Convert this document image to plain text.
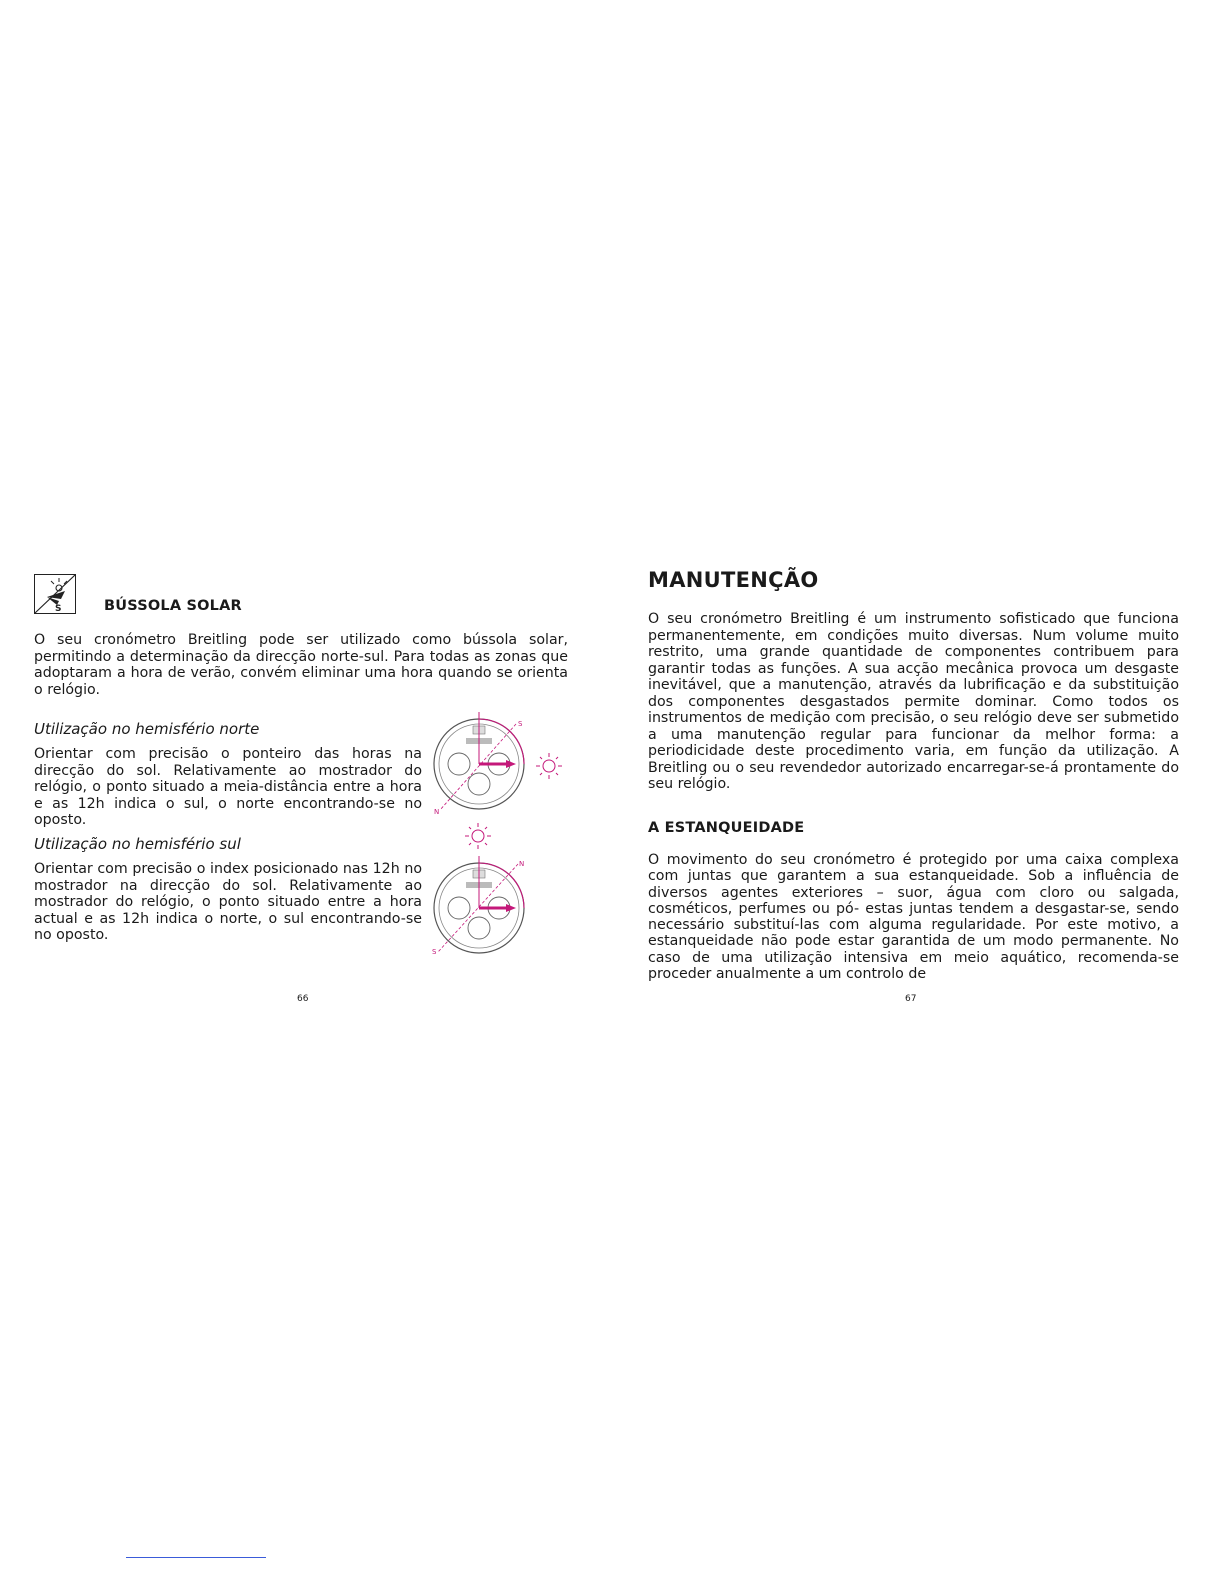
S	BÚSSOLA SOLAR

O seu cronómetro Breitling pode ser utilizado como bússola solar, permitindo a determinação da direcção norte-sul. Para todas as zonas que adoptaram a hora de verão, convém eliminar uma hora quando se orienta o relógio.

Utilização no hemisfério norte

Orientar com precisão o ponteiro das horas na direcção do sol. Relativamente ao mostrador do relógio, o ponto situado a meia-distância entre a hora e as 12h indica o sul, o norte encontrando-se no oposto.

Utilização no hemisfério sul

Orientar com precisão o index posicionado nas 12h no mostrador na direcção do sol. Relativamente ao mostrador do relógio, o ponto situado entre a hora actual e as 12h indica o norte, o sul encontrando-se no oposto.

S
N
N
S
66
MANUTENÇÃO

O seu cronómetro Breitling é um instrumento sofisticado que funciona permanentemente, em condições muito diversas. Num volume muito restrito, uma grande quantidade de componentes contribuem para garantir todas as funções. A sua acção mecânica provoca um desgaste inevitável, que a manutenção, através da lubrificação e da substituição dos componentes desgastados permite dominar. Como todos os instrumentos de medição com precisão, o seu relógio deve ser submetido a uma manutenção regular para funcionar da melhor forma: a periodicidade deste procedimento varia, em função da utilização. A Breitling ou o seu revendedor autorizado encarregar-se-á prontamente do seu relógio.

A ESTANQUEIDADE

O movimento do seu cronómetro é protegido por uma caixa complexa com juntas que garantem a sua estanqueidade. Sob a influência de diversos agentes exteriores – suor, água com cloro ou salgada, cosméticos, perfumes ou pó- estas juntas tendem a desgastar-se, sendo necessário substituí-las com alguma regularidade. Por este motivo, a estanqueidade não pode estar garantida de um modo permanente. No caso de uma utilização intensiva em meio aquático, recomenda-se proceder anualmente a um controlo de

67
